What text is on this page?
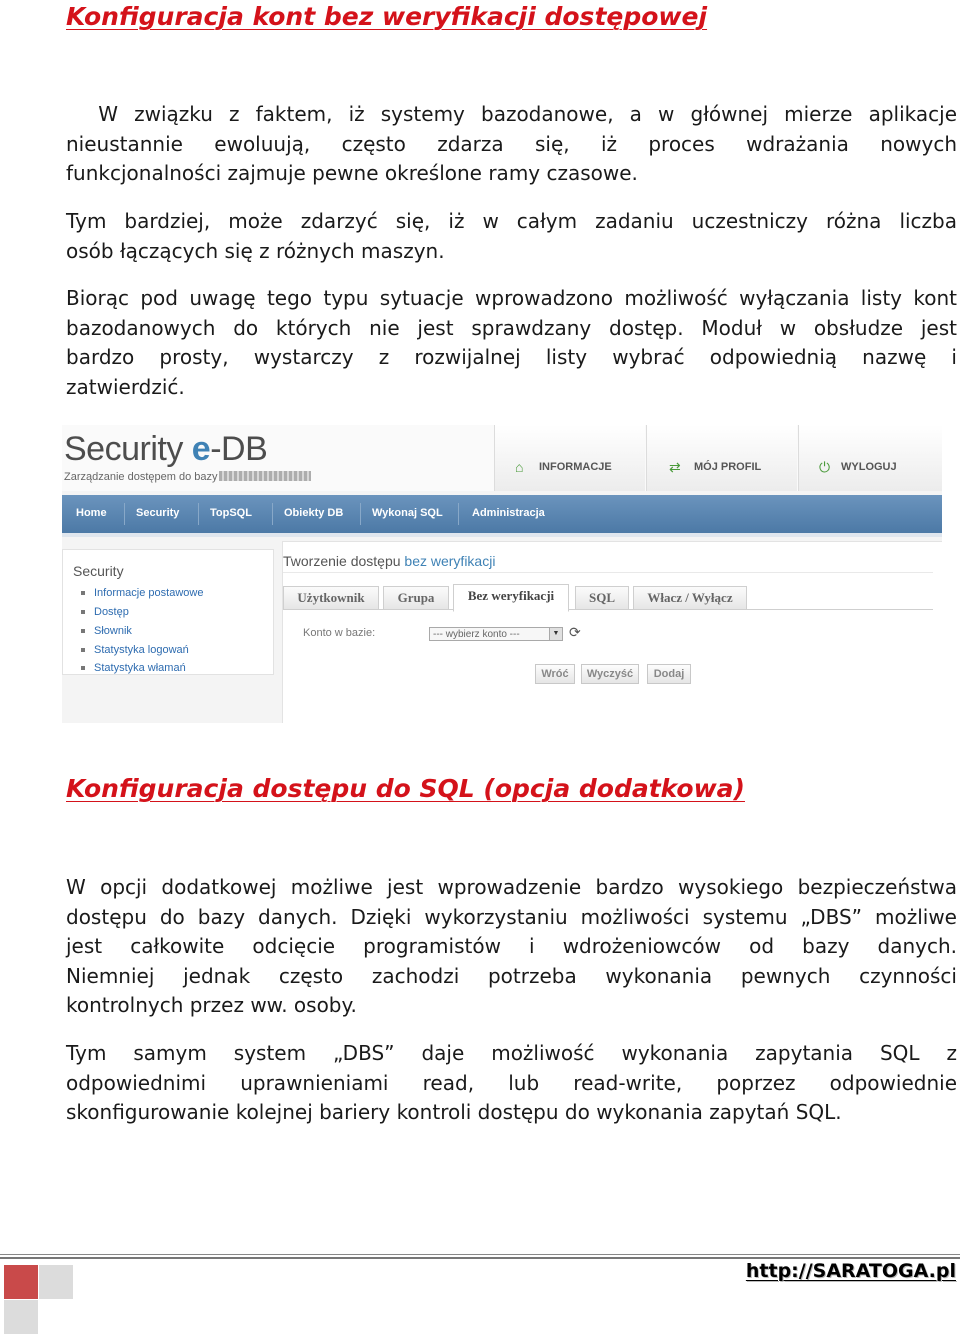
Konfiguracja kont bez weryfikacji dostępowej
W związku z faktem, iż systemy bazodanowe, a w głównej mierze aplikacje
nieustannie ewoluują, często zdarza się, iż proces wdrażania nowych
funkcjonalności zajmuje pewne określone ramy czasowe.
Tym bardziej, może zdarzyć się, iż w całym zadaniu uczestniczy różna liczba
osób łączących się z różnych maszyn.
Biorąc pod uwagę tego typu sytuacje wprowadzono możliwość wyłączania listy kont
bazodanowych do których nie jest sprawdzany dostęp. Moduł w obsłudze jest
bardzo prosty, wystarczy z rozwijalnej listy wybrać odpowiednią nazwę i
zatwierdzić.
Security e-DB
Zarządzanie dostępem do bazy
⌂ INFORMACJE	⇄ MÓJ PROFIL	⏻ WYLOGUJ
Home	Security	TopSQL	Obiekty DB	Wykonaj SQL	Administracja
Security
Informacje postawowe
Dostęp
Słownik
Statystyka logowań
Statystyka włamań
Tworzenie dostępu bez weryfikacji
Użytkownik	Grupa	Bez weryfikacji	SQL	Włacz / Wyłącz
Konto w bazie:	--- wybierz konto ---	▼ ⟳
Wróć	Wyczyść	Dodaj
Konfiguracja dostępu do SQL (opcja dodatkowa)
W opcji dodatkowej możliwe jest wprowadzenie bardzo wysokiego bezpieczeństwa
dostępu do bazy danych. Dzięki wykorzystaniu możliwości systemu „DBS” możliwe
jest całkowite odcięcie programistów i wdrożeniowców od bazy danych.
Niemniej jednak często zachodzi potrzeba wykonania pewnych czynności
kontrolnych przez ww. osoby.
Tym samym system „DBS” daje możliwość wykonania zapytania SQL z
odpowiednimi uprawnieniami read, lub read-write, poprzez odpowiednie
skonfigurowanie kolejnej bariery kontroli dostępu do wykonania zapytań SQL.
http://SARATOGA.pl
